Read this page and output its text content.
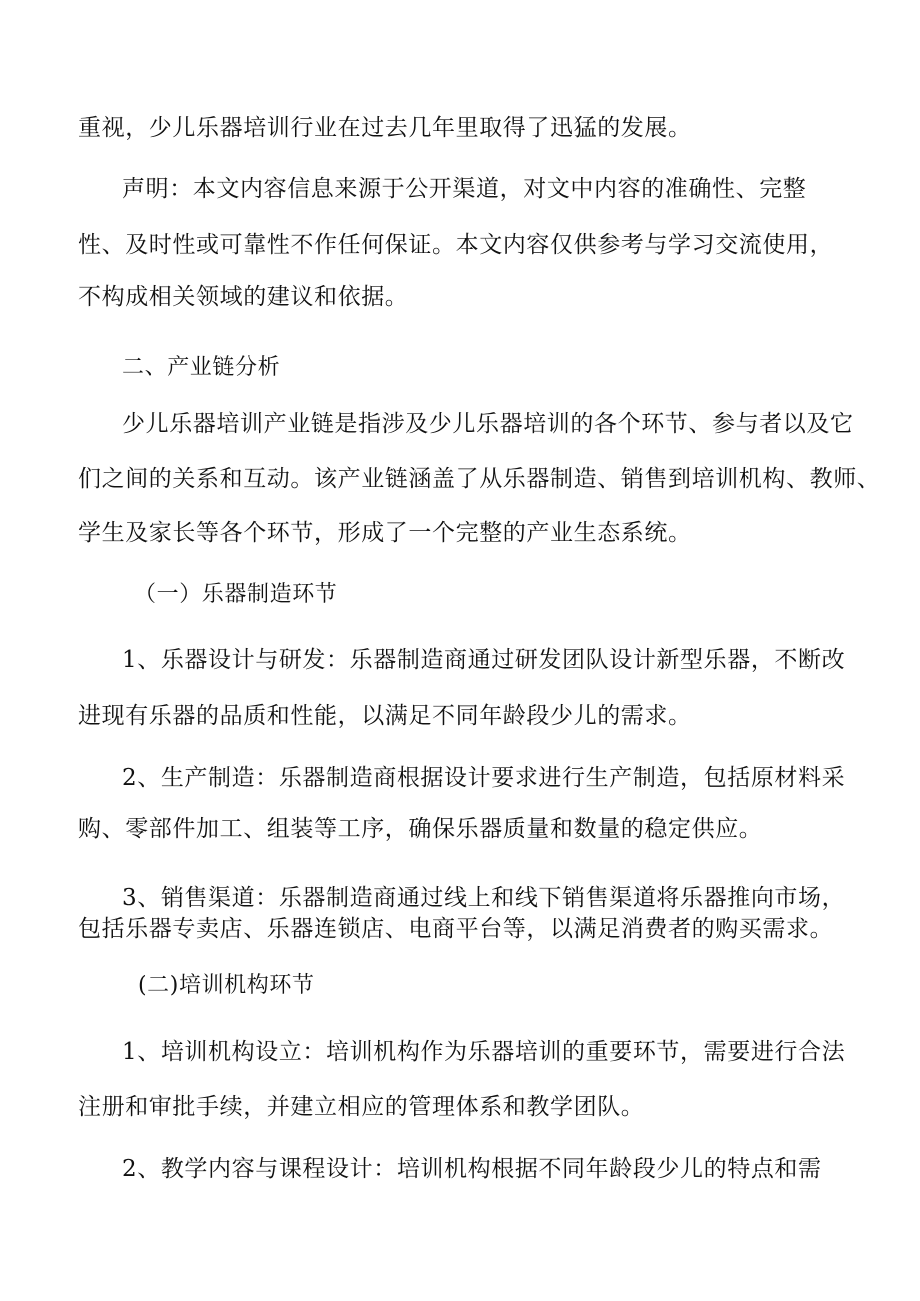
重视，少儿乐器培训行业在过去几年里取得了迅猛的发展。
声明：本文内容信息来源于公开渠道，对文中内容的准确性、完整
性、及时性或可靠性不作任何保证。本文内容仅供参考与学习交流使用，
不构成相关领域的建议和依据。
二、产业链分析
少儿乐器培训产业链是指涉及少儿乐器培训的各个环节、参与者以及它
们之间的关系和互动。该产业链涵盖了从乐器制造、销售到培训机构、教师、
学生及家长等各个环节，形成了一个完整的产业生态系统。
（一）乐器制造环节
1、乐器设计与研发：乐器制造商通过研发团队设计新型乐器，不断改
进现有乐器的品质和性能，以满足不同年龄段少儿的需求。
2、生产制造：乐器制造商根据设计要求进行生产制造，包括原材料采
购、零部件加工、组装等工序，确保乐器质量和数量的稳定供应。
3、销售渠道：乐器制造商通过线上和线下销售渠道将乐器推向市场，
包括乐器专卖店、乐器连锁店、电商平台等，以满足消费者的购买需求。
(二)培训机构环节
1、培训机构设立：培训机构作为乐器培训的重要环节，需要进行合法
注册和审批手续，并建立相应的管理体系和教学团队。
2、教学内容与课程设计：培训机构根据不同年龄段少儿的特点和需
